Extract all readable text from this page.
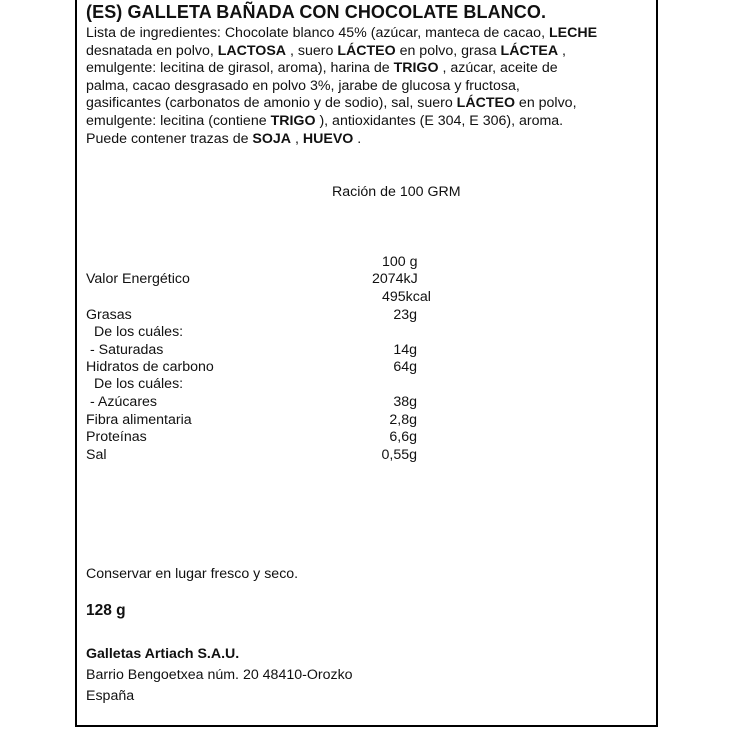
(ES) GALLETA BAÑADA CON CHOCOLATE BLANCO.
Lista de ingredientes: Chocolate blanco 45% (azúcar, manteca de cacao, LECHE
desnatada en polvo, LACTOSA , suero LÁCTEO en polvo, grasa LÁCTEA ,
emulgente: lecitina de girasol, aroma), harina de TRIGO , azúcar, aceite de
palma, cacao desgrasado en polvo 3%, jarabe de glucosa y fructosa,
gasificantes (carbonatos de amonio y de sodio), sal, suero LÁCTEO en polvo,
emulgente: lecitina (contiene TRIGO ), antioxidantes (E 304, E 306), aroma.
Puede contener trazas de SOJA , HUEVO .
Ración de 100 GRM
100 g
Valor Energético	2074kJ
495kcal
Grasas	23g
De los cuáles:
- Saturadas	14g
Hidratos de carbono	64g
De los cuáles:
- Azúcares	38g
Fibra alimentaria	2,8g
Proteínas	6,6g
Sal	0,55g
Conservar en lugar fresco y seco.
128 g
Galletas Artiach S.A.U.
Barrio Bengoetxea núm. 20 48410-Orozko
España
